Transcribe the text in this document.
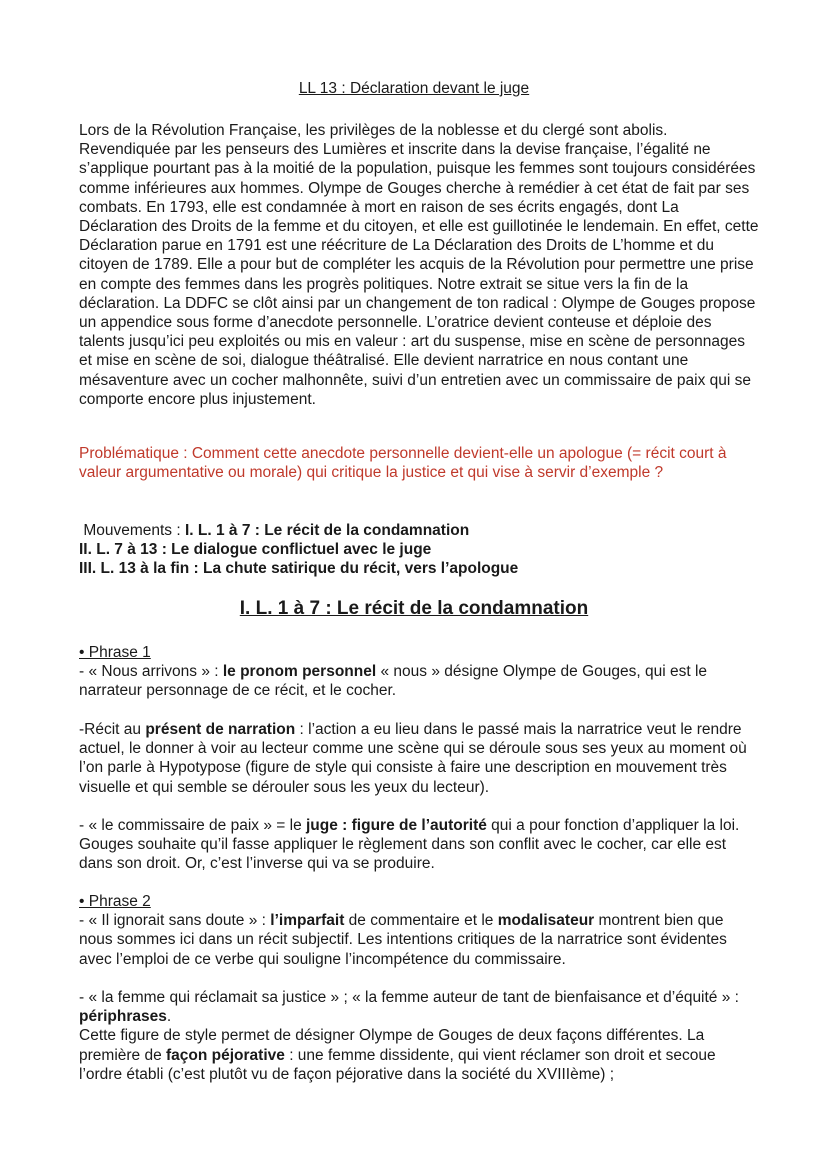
LL 13 : Déclaration devant le juge
Lors de la Révolution Française, les privilèges de la noblesse et du clergé sont abolis. Revendiquée par les penseurs des Lumières et inscrite dans la devise française, l’égalité ne s’applique pourtant pas à la moitié de la population, puisque les femmes sont toujours considérées comme inférieures aux hommes. Olympe de Gouges cherche à remédier à cet état de fait par ses combats. En 1793, elle est condamnée à mort en raison de ses écrits engagés, dont La Déclaration des Droits de la femme et du citoyen, et elle est guillotinée le lendemain. En effet, cette Déclaration parue en 1791 est une réécriture de La Déclaration des Droits de L’homme et du citoyen de 1789. Elle a pour but de compléter les acquis de la Révolution pour permettre une prise en compte des femmes dans les progrès politiques. Notre extrait se situe vers la fin de la déclaration. La DDFC se clôt ainsi par un changement de ton radical : Olympe de Gouges propose un appendice sous forme d’anecdote personnelle. L’oratrice devient conteuse et déploie des talents jusqu’ici peu exploités ou mis en valeur : art du suspense, mise en scène de personnages et mise en scène de soi, dialogue théâtralisé. Elle devient narratrice en nous contant une mésaventure avec un cocher malhonnête, suivi d’un entretien avec un commissaire de paix qui se comporte encore plus injustement.
Problématique : Comment cette anecdote personnelle devient-elle un apologue (= récit court à valeur argumentative ou morale) qui critique la justice et qui vise à servir d’exemple ?
Mouvements : I. L. 1 à 7 : Le récit de la condamnation
II. L. 7 à 13 : Le dialogue conflictuel avec le juge
III. L. 13 à la fin : La chute satirique du récit, vers l’apologue
I. L. 1 à 7 : Le récit de la condamnation
• Phrase 1
- « Nous arrivons » : le pronom personnel « nous » désigne Olympe de Gouges, qui est le narrateur personnage de ce récit, et le cocher.
-Récit au présent de narration : l’action a eu lieu dans le passé mais la narratrice veut le rendre actuel, le donner à voir au lecteur comme une scène qui se déroule sous ses yeux au moment où l’on parle à Hypotypose (figure de style qui consiste à faire une description en mouvement très visuelle et qui semble se dérouler sous les yeux du lecteur).
- « le commissaire de paix » = le juge : figure de l’autorité qui a pour fonction d’appliquer la loi. Gouges souhaite qu’il fasse appliquer le règlement dans son conflit avec le cocher, car elle est dans son droit. Or, c’est l’inverse qui va se produire.
• Phrase 2
- « Il ignorait sans doute » : l’imparfait de commentaire et le modalisateur montrent bien que nous sommes ici dans un récit subjectif. Les intentions critiques de la narratrice sont évidentes avec l’emploi de ce verbe qui souligne l’incompétence du commissaire.
- « la femme qui réclamait sa justice » ; « la femme auteur de tant de bienfaisance et d’équité » : périphrases.
Cette figure de style permet de désigner Olympe de Gouges de deux façons différentes. La première de façon péjorative : une femme dissidente, qui vient réclamer son droit et secoue l’ordre établi (c’est plutôt vu de façon péjorative dans la société du XVIIIème) ;
